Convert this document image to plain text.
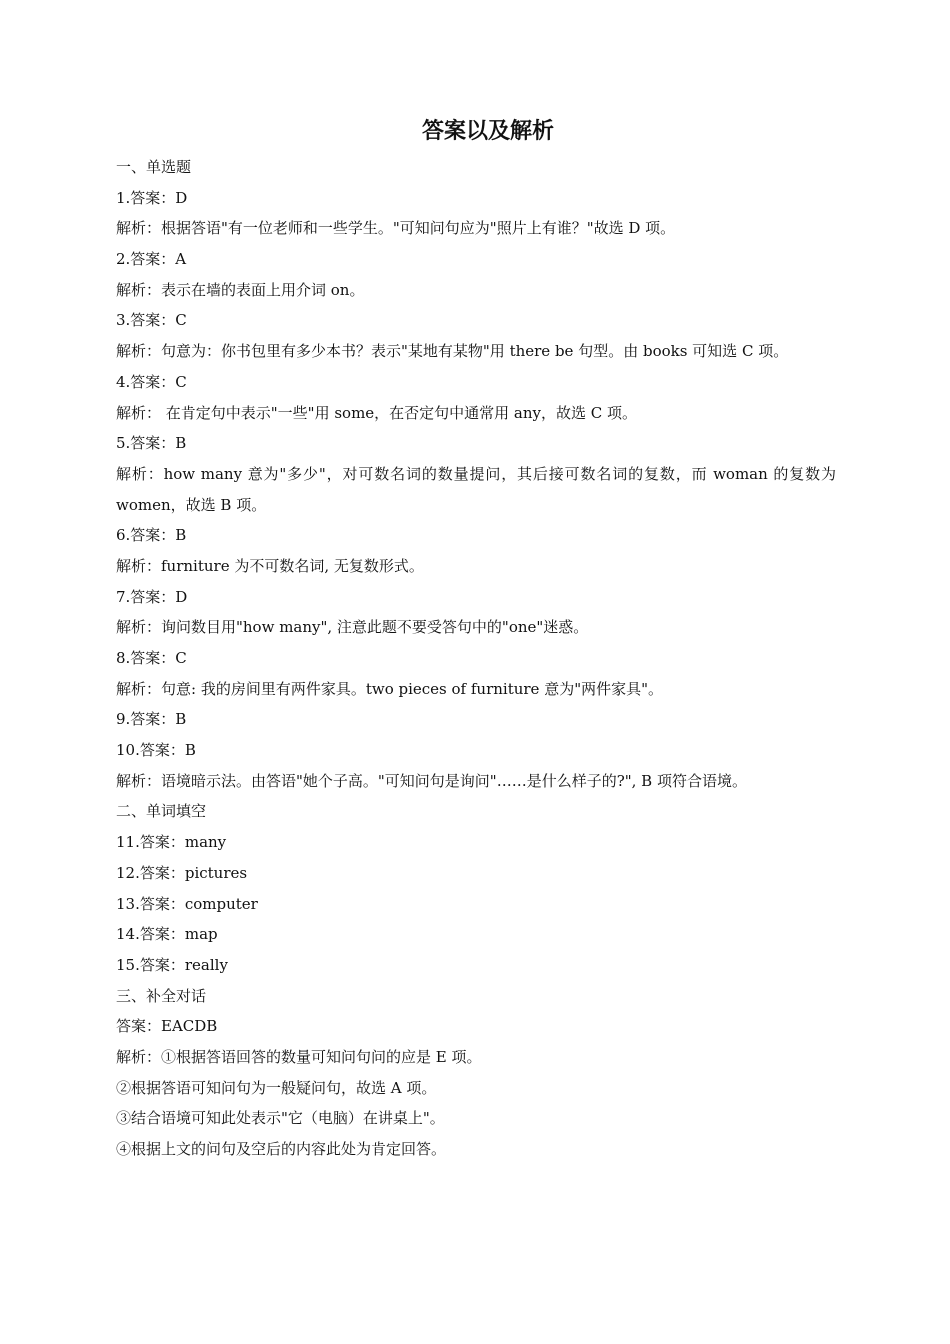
答案以及解析

一、单选题

1.答案：D

解析：根据答语"有一位老师和一些学生。"可知问句应为"照片上有谁？"故选 D 项。

2.答案：A

解析：表示在墙的表面上用介词 on。

3.答案：C

解析：句意为：你书包里有多少本书？表示"某地有某物"用 there be 句型。由 books 可知选 C 项。

4.答案：C

解析： 在肯定句中表示"一些"用 some，在否定句中通常用 any，故选 C 项。

5.答案：B

解析：how many 意为"多少"，对可数名词的数量提问，其后接可数名词的复数，而 woman 的复数为 women，故选 B 项。

6.答案：B

解析：furniture 为不可数名词, 无复数形式。

7.答案：D

解析：询问数目用"how many", 注意此题不要受答句中的"one"迷惑。

8.答案：C

解析：句意: 我的房间里有两件家具。two pieces of furniture 意为"两件家具"。

9.答案：B

10.答案：B

解析：语境暗示法。由答语"她个子高。"可知问句是询问"……是什么样子的?", B 项符合语境。

二、单词填空

11.答案：many

12.答案：pictures

13.答案：computer

14.答案：map

15.答案：really

三、补全对话

答案：EACDB

解析：①根据答语回答的数量可知问句问的应是 E 项。

②根据答语可知问句为一般疑问句，故选 A 项。

③结合语境可知此处表示"它（电脑）在讲桌上"。

④根据上文的问句及空后的内容此处为肯定回答。
